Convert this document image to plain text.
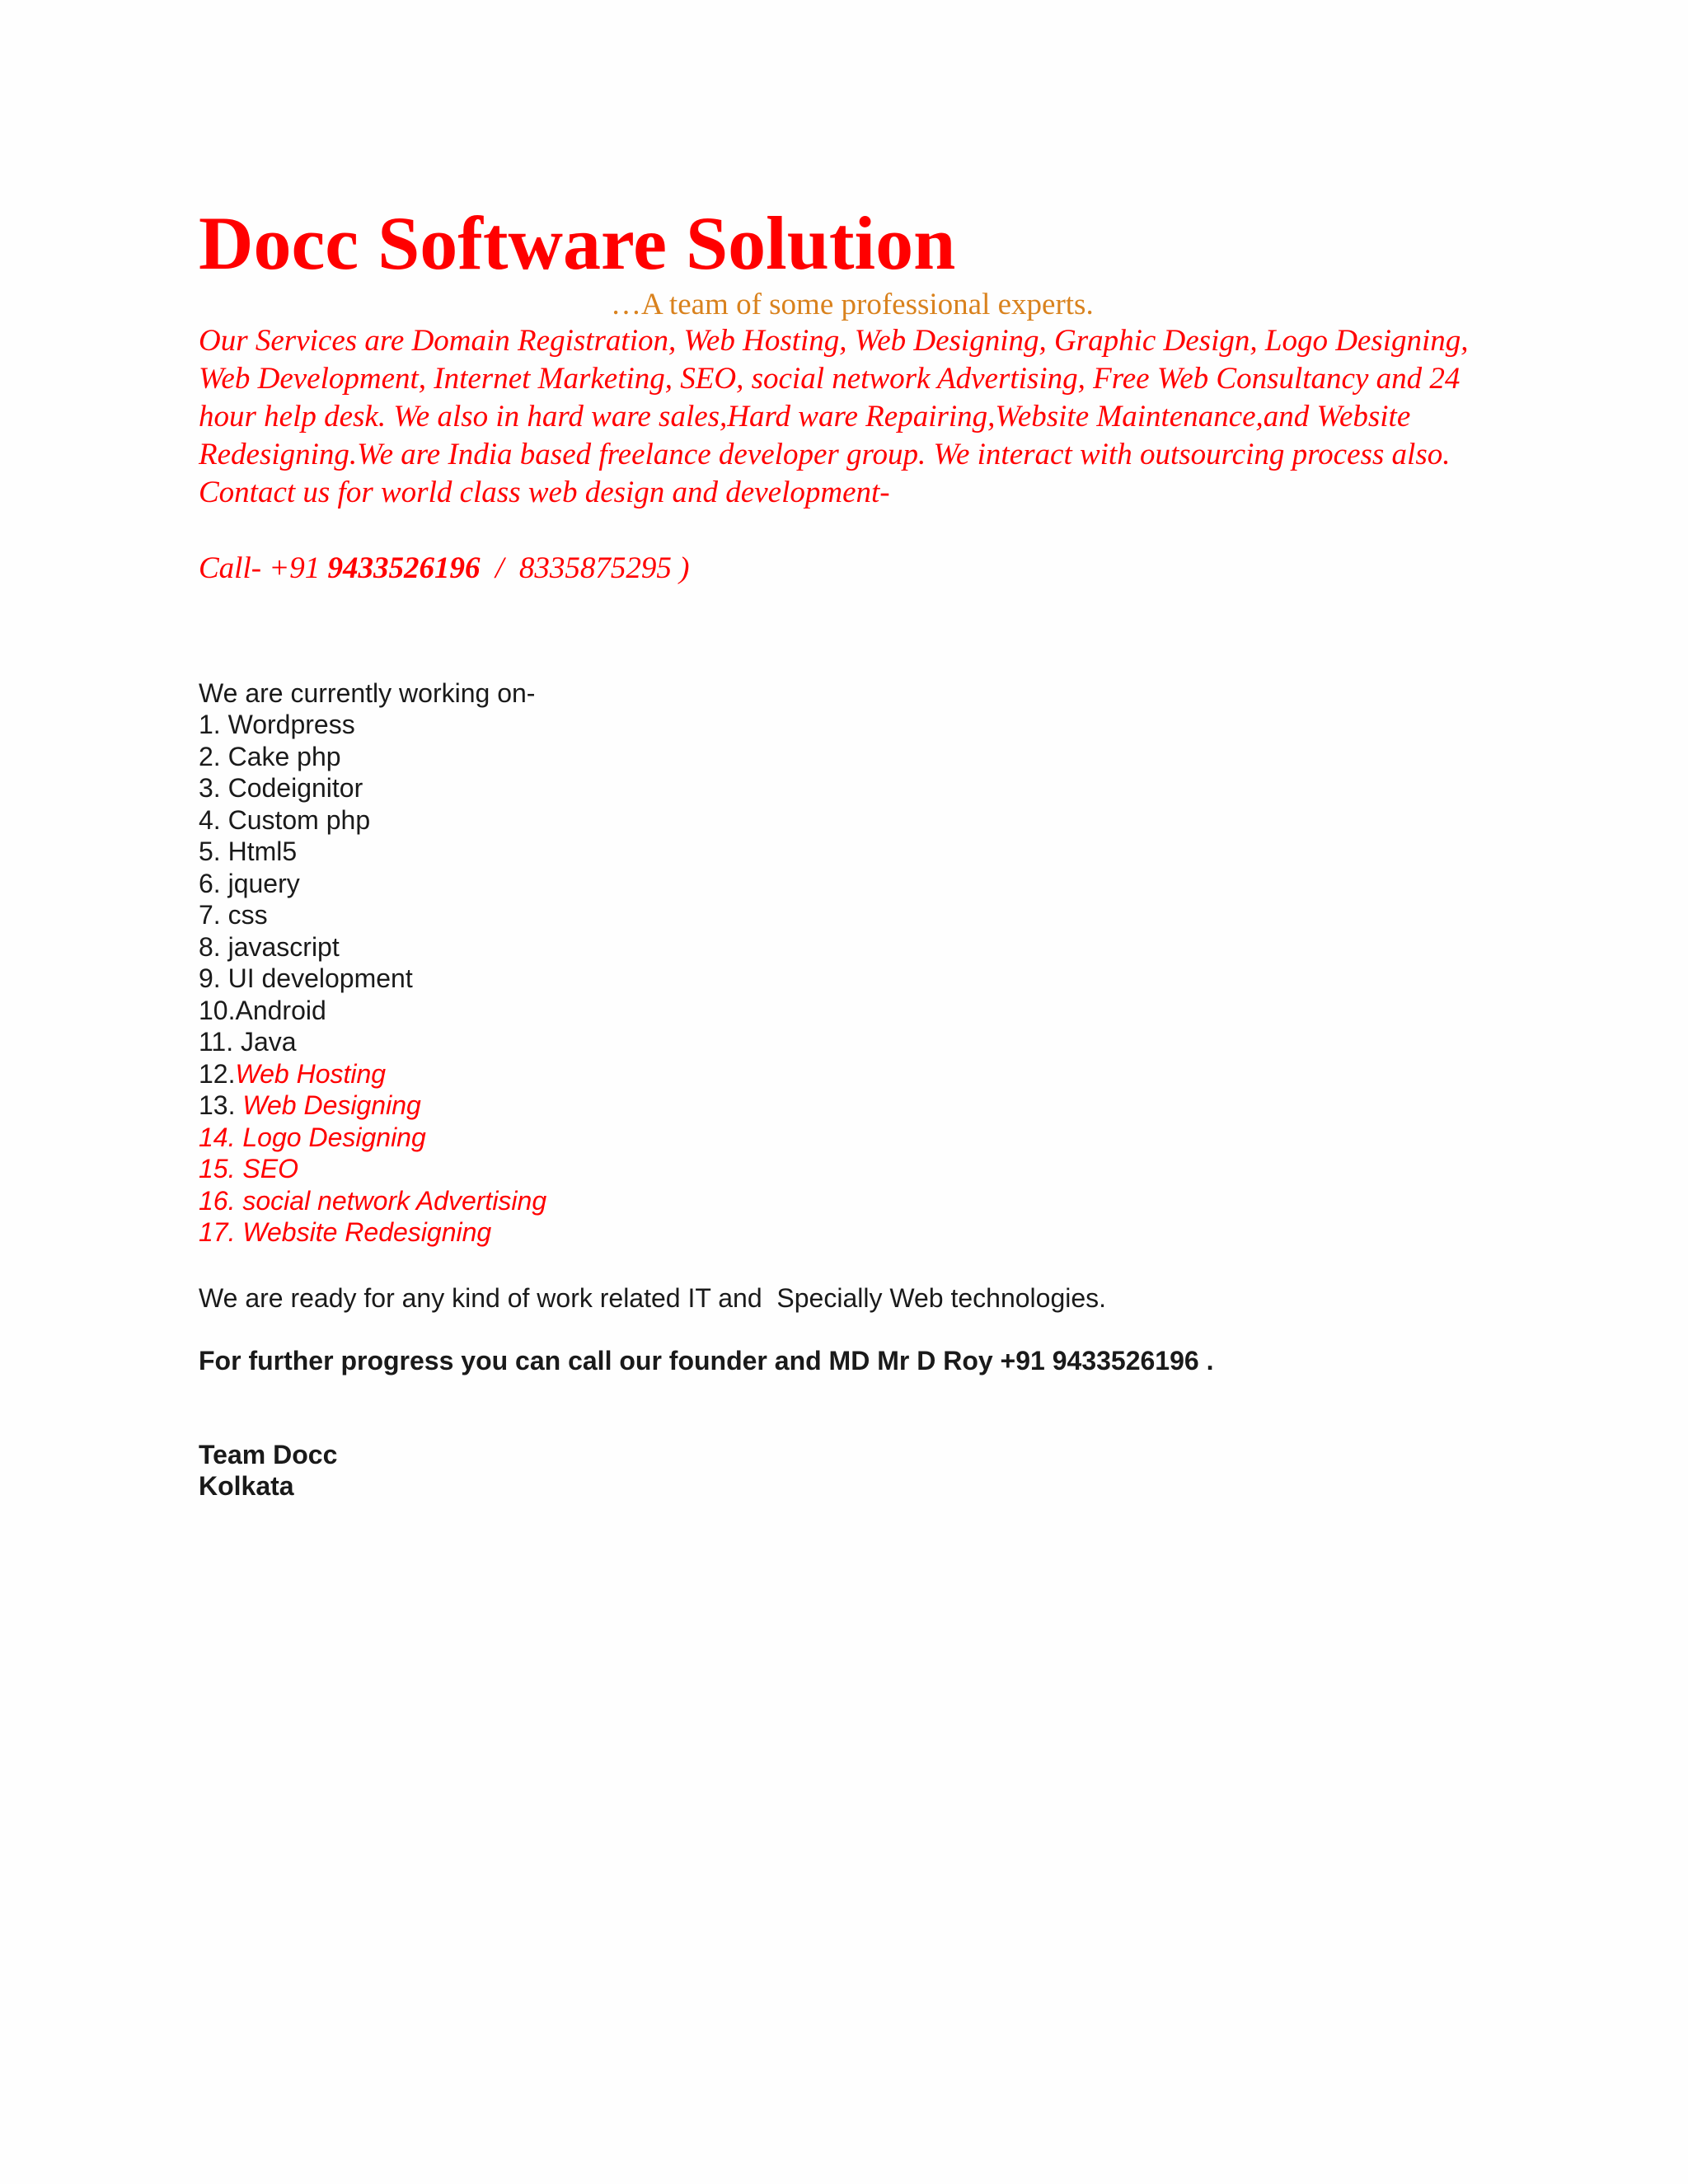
Docc Software Solution
…A team of some professional experts.

Our Services are Domain Registration, Web Hosting, Web Designing, Graphic Design, Logo Designing, Web Development, Internet Marketing, SEO, social network Advertising, Free Web Consultancy and 24 hour help desk. We also in hard ware sales,Hard ware Repairing,Website Maintenance,and Website Redesigning.We are India based freelance developer group. We interact with outsourcing process also. Contact us for world class web design and development-

Call- +91 9433526196  /  8335875295 )
We are currently working on-
1. Wordpress
2. Cake php
3. Codeignitor
4. Custom php
5. Html5
6. jquery
7. css
8. javascript
9. UI development
10.Android
11. Java
12.Web Hosting
13. Web Designing
14. Logo Designing
15. SEO
16. social network Advertising
17. Website Redesigning
We are ready for any kind of work related IT and  Specially Web technologies.
For further progress you can call our founder and MD Mr D Roy +91 9433526196 .
Team Docc
Kolkata
